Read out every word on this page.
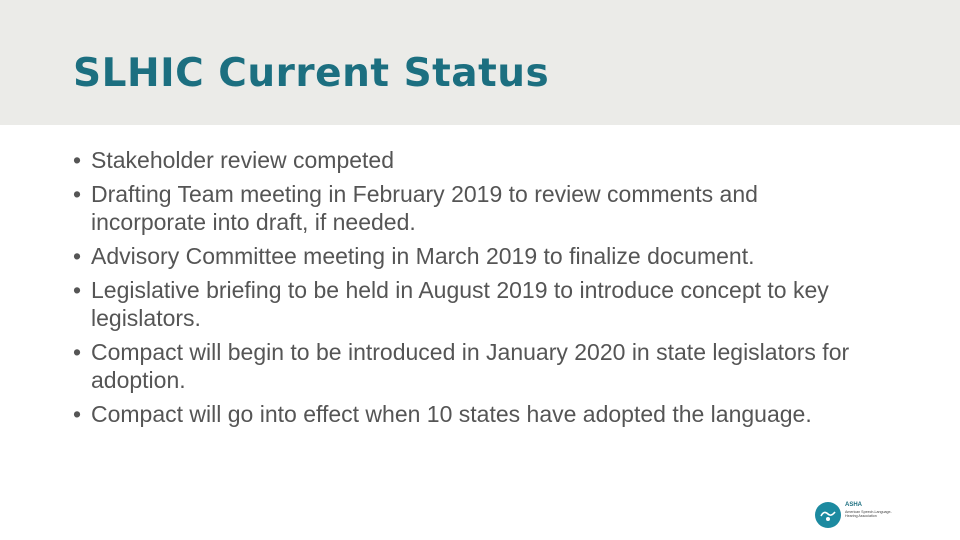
SLHIC Current Status
• Stakeholder review competed
• Drafting Team meeting in February 2019 to review comments and incorporate into draft, if needed.
• Advisory Committee meeting in March 2019 to finalize document.
• Legislative briefing to be held in August 2019 to introduce concept to key legislators.
• Compact will begin to be introduced in January 2020 in state legislators for adoption.
• Compact will go into effect when 10 states have adopted the language.
ASHA
American Speech-Language-Hearing Association
